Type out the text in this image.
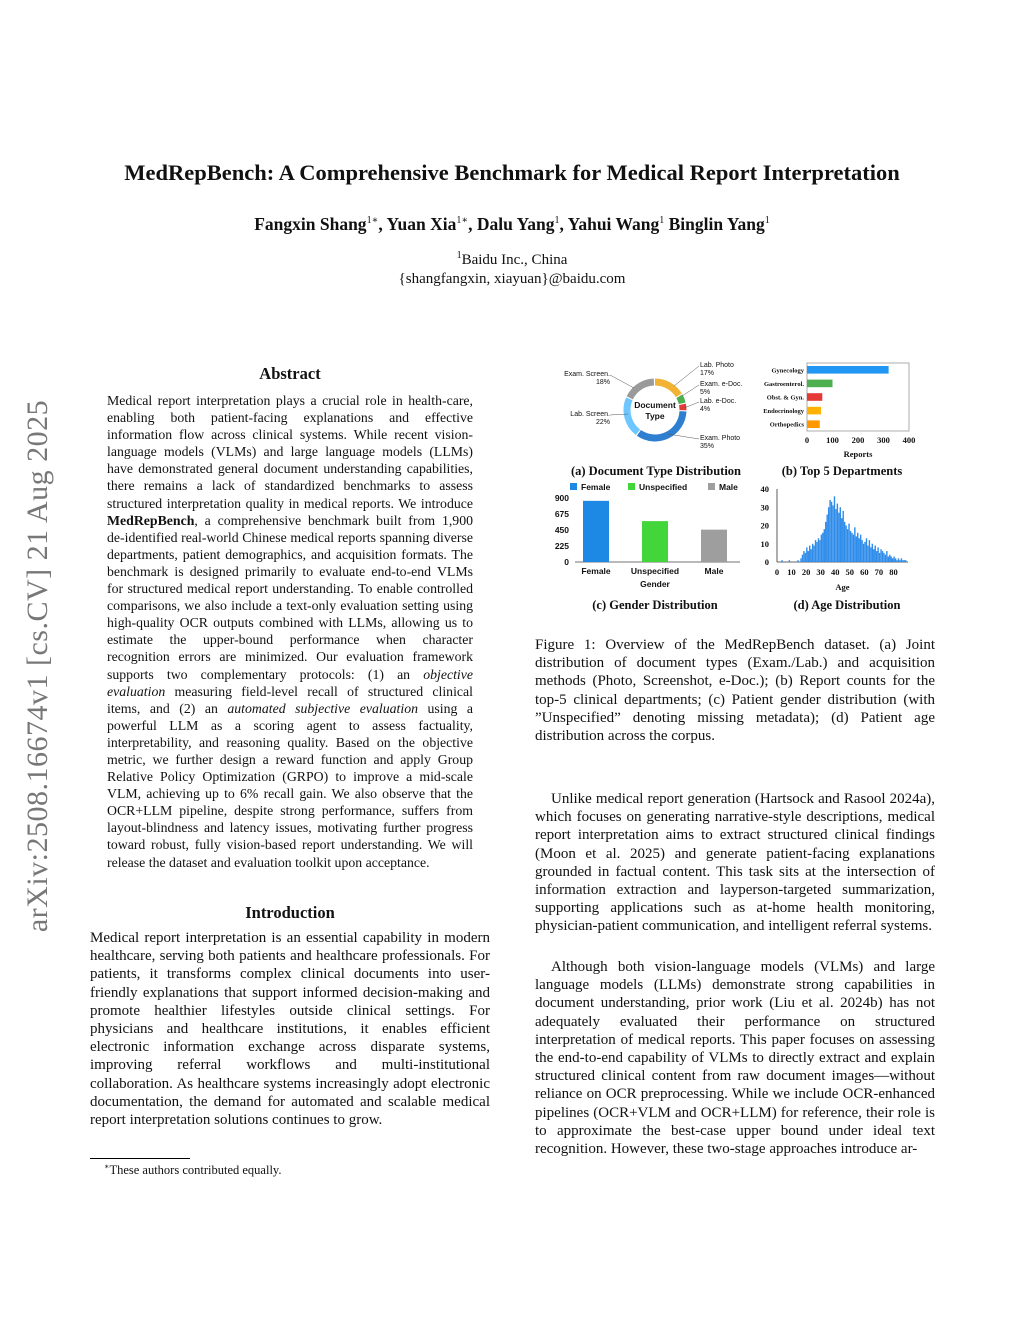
MedRepBench: A Comprehensive Benchmark for Medical Report Interpretation
Fangxin Shang$^{1∗}$, Yuan Xia$^{1∗}$, Dalu Yang$^1$, Yahui Wang$^1$ Binglin Yang$^1$
$^1$Baidu Inc., China
{shangfangxin, xiayuan}@baidu.com
arXiv:2508.16674v1 [cs.CV] 21 Aug 2025
Abstract
Medical report interpretation plays a crucial role in health-care, enabling both patient-facing explanations and effective information flow across clinical systems. While recent vision-language models (VLMs) and large language models (LLMs) have demonstrated general document understanding capabilities, there remains a lack of standardized benchmarks to assess structured interpretation quality in medical reports. We introduce MedRepBench, a comprehensive benchmark built from 1,900 de-identified real-world Chinese medical reports spanning diverse departments, patient demographics, and acquisition formats. The benchmark is designed primarily to evaluate end-to-end VLMs for structured medical report understanding. To enable controlled comparisons, we also include a text-only evaluation setting using high-quality OCR outputs combined with LLMs, allowing us to estimate the upper-bound performance when character recognition errors are minimized. Our evaluation framework supports two complementary protocols: (1) an objective evaluation measuring field-level recall of structured clinical items, and (2) an automated subjective evaluation using a powerful LLM as a scoring agent to assess factuality, interpretability, and reasoning quality. Based on the objective metric, we further design a reward function and apply Group Relative Policy Optimization (GRPO) to improve a mid-scale VLM, achieving up to 6% recall gain. We also observe that the OCR+LLM pipeline, despite strong performance, suffers from layout-blindness and latency issues, motivating further progress toward robust, fully vision-based report understanding. We will release the dataset and evaluation toolkit upon acceptance.
Introduction
Medical report interpretation is an essential capability in modern healthcare, serving both patients and healthcare professionals. For patients, it transforms complex clinical documents into user-friendly explanations that support informed decision-making and promote healthier lifestyles outside clinical settings. For physicians and healthcare institutions, it enables efficient electronic information exchange across disparate systems, improving referral workflows and multi-institutional collaboration. As healthcare systems increasingly adopt electronic documentation, the demand for automated and scalable medical report interpretation solutions continues to grow.
∗These authors contributed equally.
Document
Type
Exam. Screen.
18%
Lab. Photo
17%
Exam. e-Doc.
5%
Lab. e-Doc.
4%
Exam. Photo
35%
Lab. Screen.
22%
(a) Document Type Distribution
Gynecology
Gastroenterol.
Obst. & Gyn.
Endocrinology
Orthopedics
0 100 200 300 400
Reports
(b) Top 5 Departments
Female	Unspecified	Male
0
225
450
675
900
Female Unspecified	Male
Gender
(c) Gender Distribution
0
10
20
30
40
0 10 20 30 40 50 60 70 80
Age
(d) Age Distribution
Figure 1: Overview of the MedRepBench dataset. (a) Joint distribution of document types (Exam./Lab.) and acquisition methods (Photo, Screenshot, e-Doc.); (b) Report counts for the top-5 clinical departments; (c) Patient gender distribution (with ”Unspecified” denoting missing metadata); (d) Patient age distribution across the corpus.
Unlike medical report generation (Hartsock and Rasool 2024a), which focuses on generating narrative-style descriptions, medical report interpretation aims to extract structured clinical findings (Moon et al. 2025) and generate patient-facing explanations grounded in factual content. This task sits at the intersection of information extraction and layperson-targeted summarization, supporting applications such as at-home health monitoring, physician-patient communication, and intelligent referral systems.
Although both vision-language models (VLMs) and large language models (LLMs) demonstrate strong capabilities in document understanding, prior work (Liu et al. 2024b) has not adequately evaluated their performance on structured interpretation of medical reports. This paper focuses on assessing the end-to-end capability of VLMs to directly extract and explain structured clinical content from raw document images—without reliance on OCR preprocessing. While we include OCR-enhanced pipelines (OCR+VLM and OCR+LLM) for reference, their role is to approximate the best-case upper bound under ideal text recognition. However, these two-stage approaches introduce ar-
